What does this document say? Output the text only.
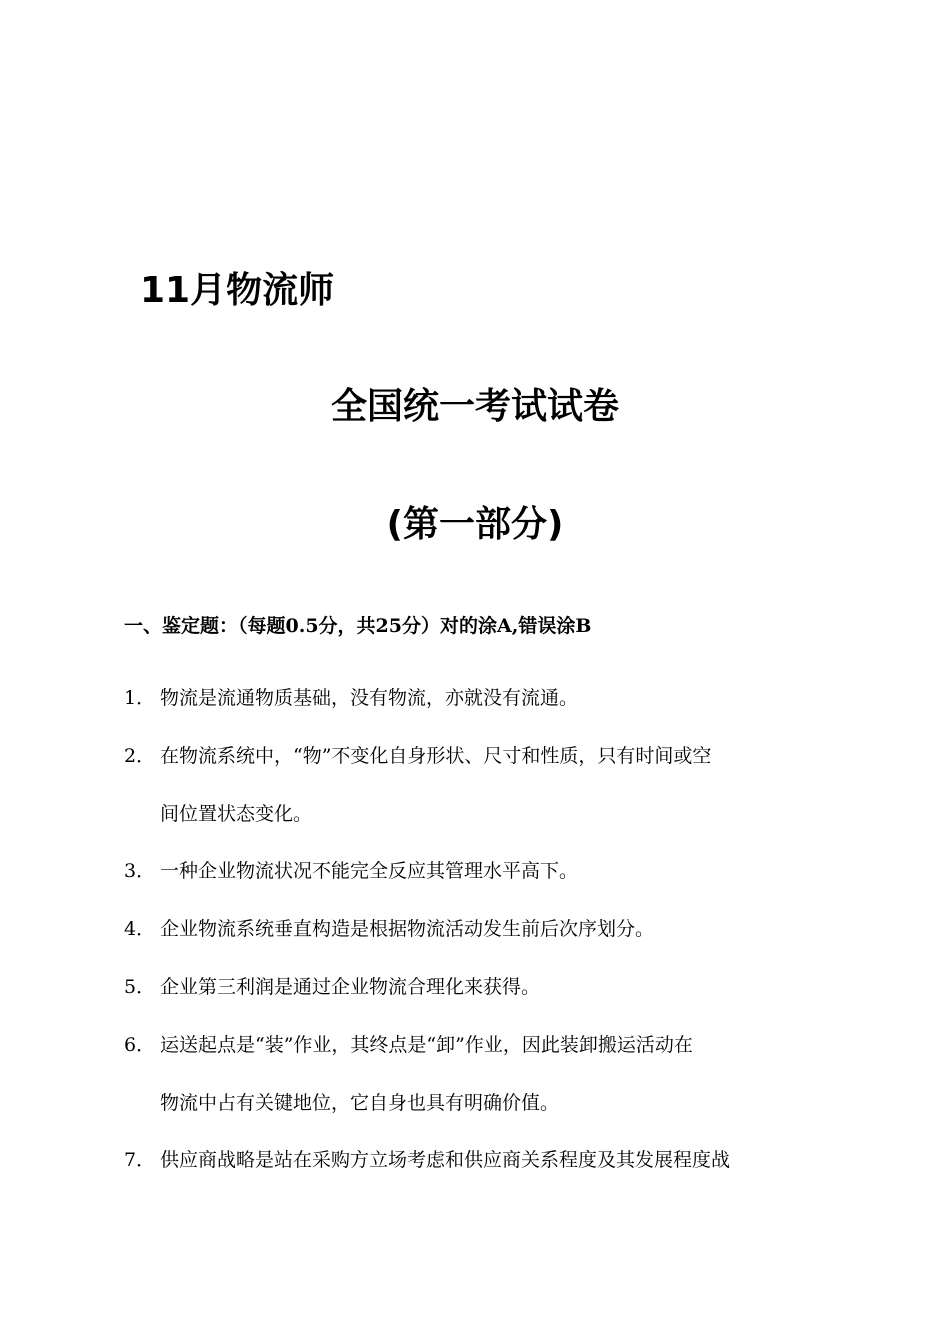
11月物流师
全国统一考试试卷
(第一部分)
一、鉴定题：（每题0.5分，共25分）对的涂A,错误涂B
1． 物流是流通物质基础，没有物流，亦就没有流通。
2． 在物流系统中，“物”不变化自身形状、尺寸和性质，只有时间或空
间位置状态变化。
3． 一种企业物流状况不能完全反应其管理水平高下。
4． 企业物流系统垂直构造是根据物流活动发生前后次序划分。
5． 企业第三利润是通过企业物流合理化来获得。
6． 运送起点是“装”作业，其终点是“卸”作业，因此装卸搬运活动在
物流中占有关键地位，它自身也具有明确价值。
7． 供应商战略是站在采购方立场考虑和供应商关系程度及其发展程度战
